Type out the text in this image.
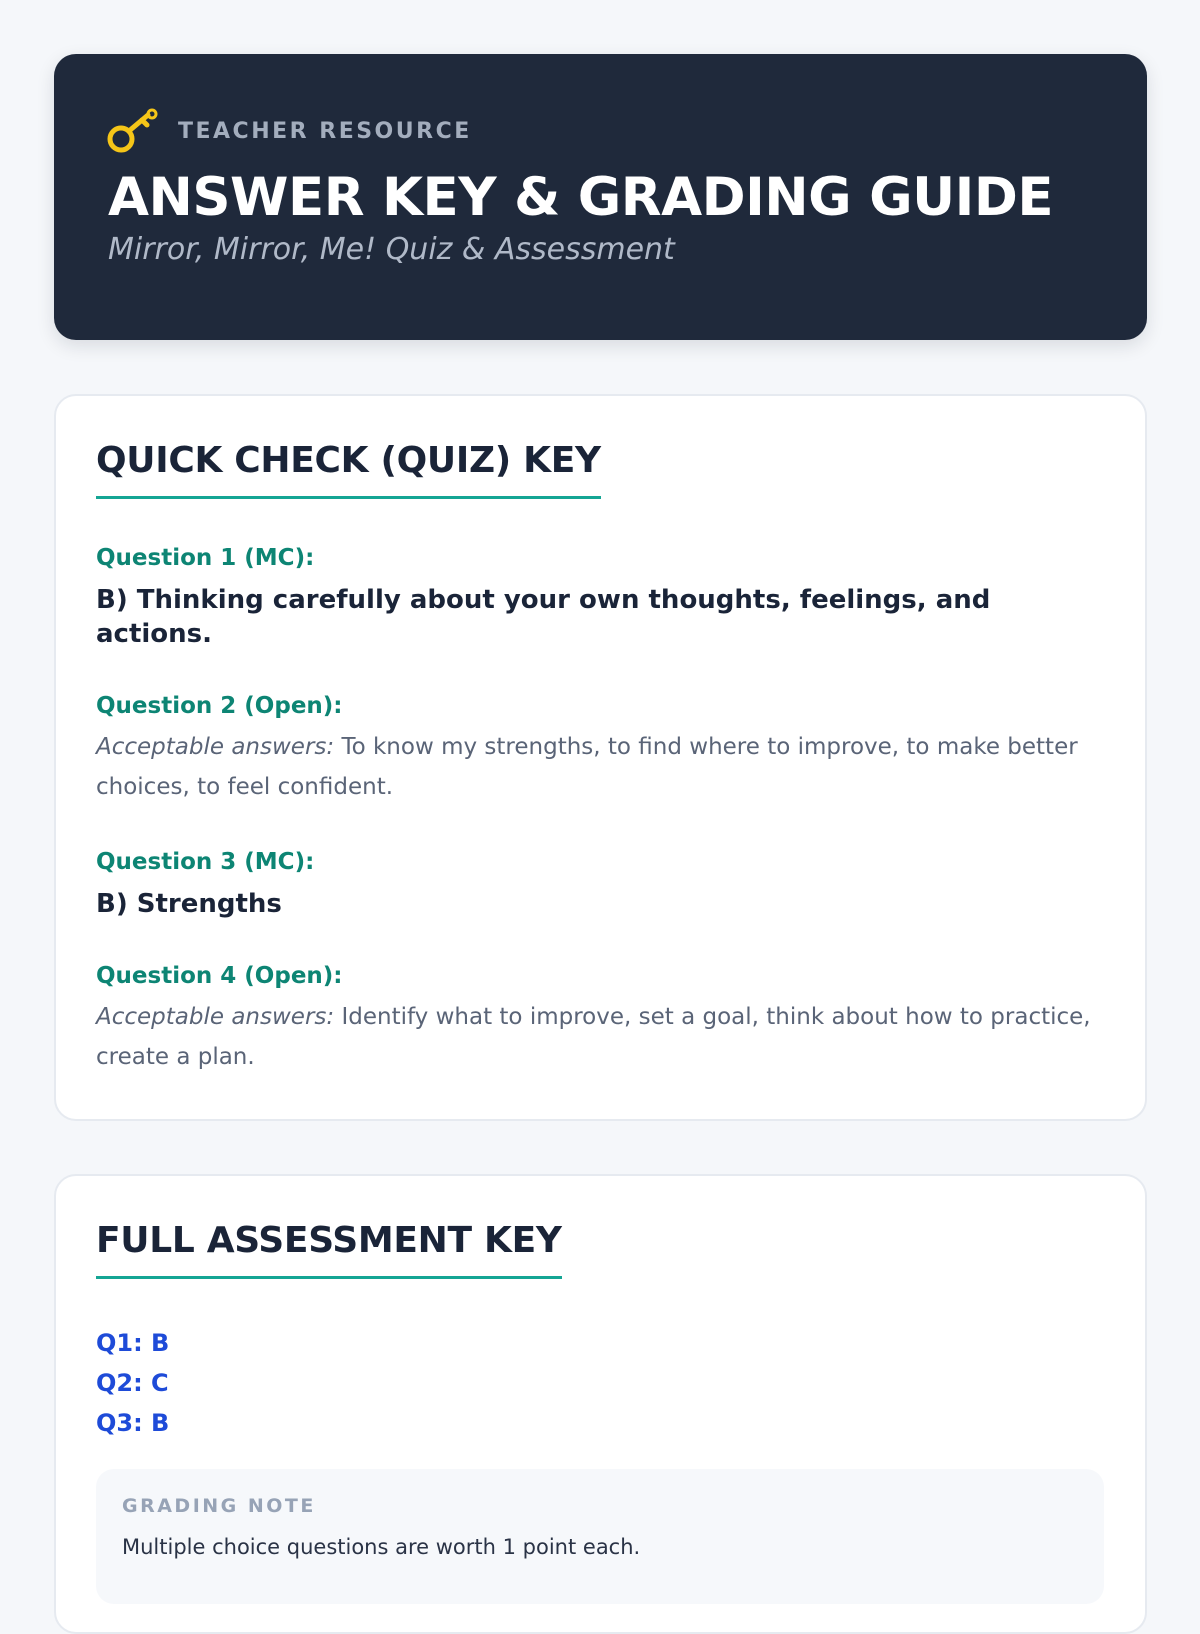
TEACHER RESOURCE
ANSWER KEY & GRADING GUIDE
Mirror, Mirror, Me! Quiz & Assessment
QUICK CHECK (QUIZ) KEY
Question 1 (MC):
B) Thinking carefully about your own thoughts, feelings, and actions.
Question 2 (Open):
Acceptable answers: To know my strengths, to find where to improve, to make better choices, to feel confident.
Question 3 (MC):
B) Strengths
Question 4 (Open):
Acceptable answers: Identify what to improve, set a goal, think about how to practice, create a plan.
FULL ASSESSMENT KEY
Q1: B
Q2: C
Q3: B
GRADING NOTE
Multiple choice questions are worth 1 point each.
